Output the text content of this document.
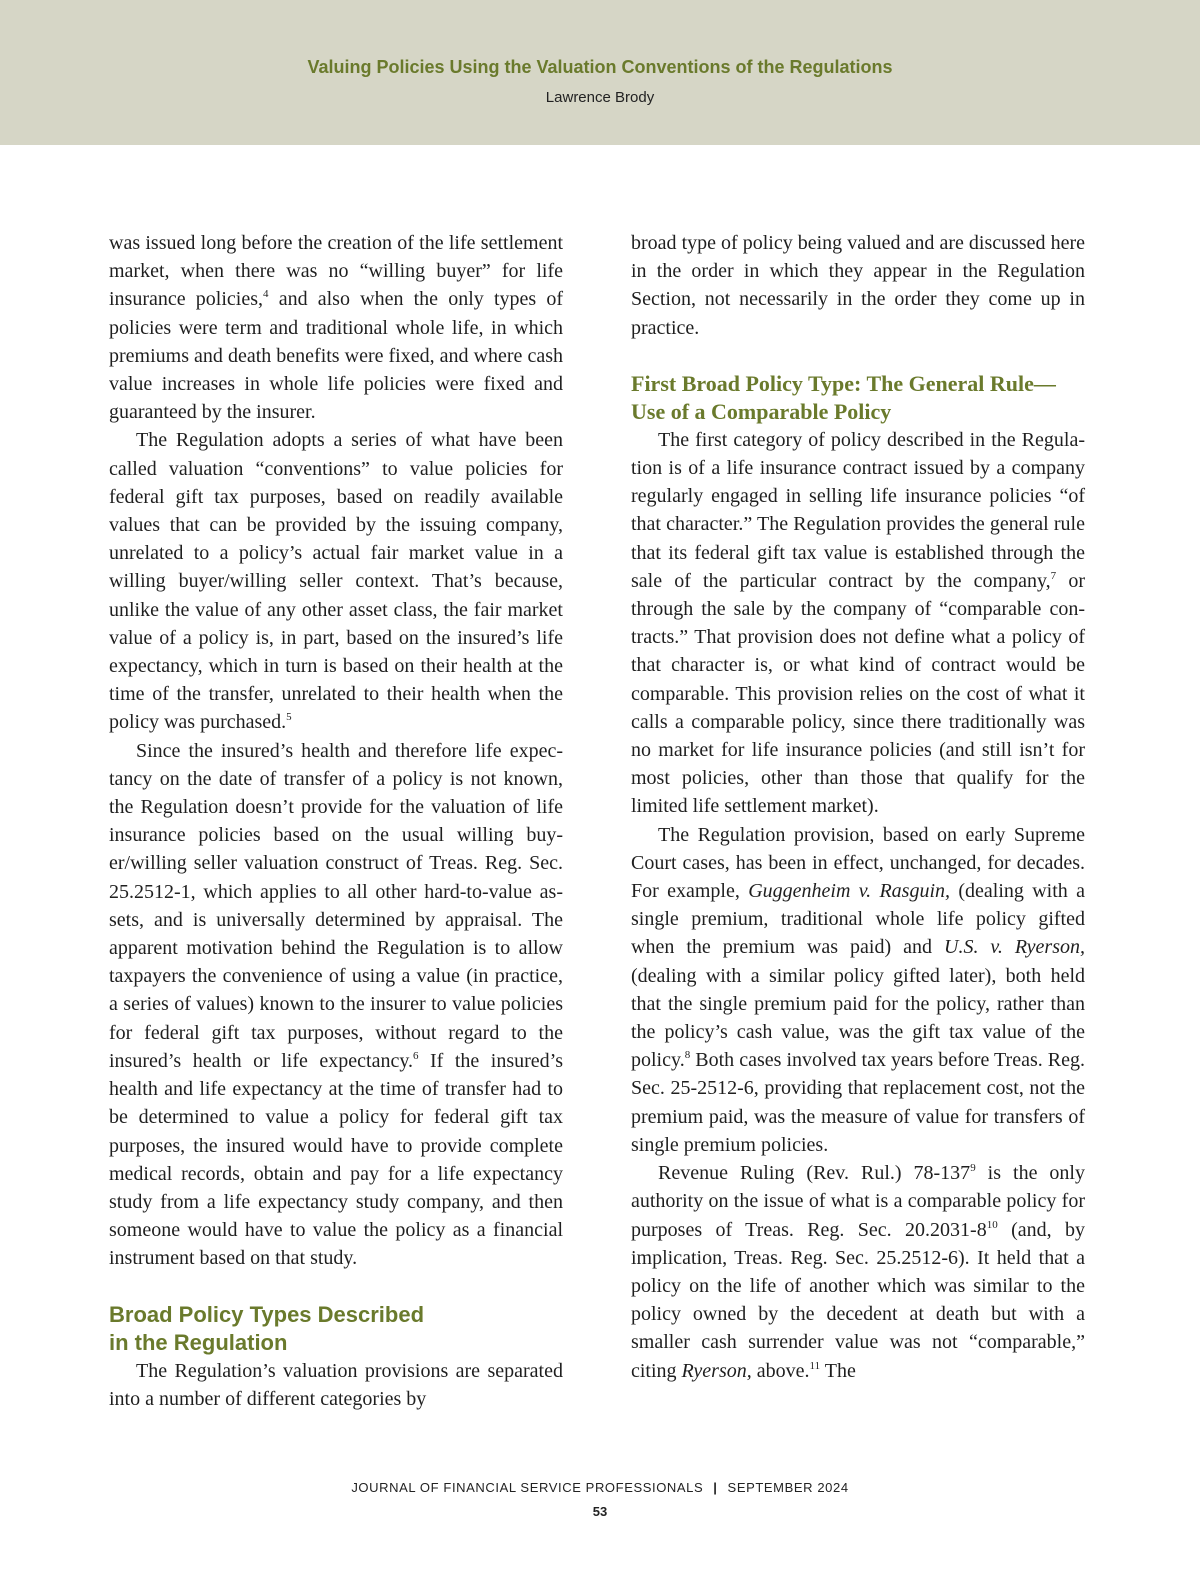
Valuing Policies Using the Valuation Conventions of the Regulations
Lawrence Brody

was issued long before the creation of the life settlement market, when there was no “willing buyer” for life insurance policies,$^4$ and also when the only types of policies were term and traditional whole life, in which premiums and death benefits were fixed, and where cash value increases in whole life policies were fixed and guaranteed by the insurer.

The Regulation adopts a series of what have been called valuation “conventions” to value policies for federal gift tax purposes, based on readily available values that can be provided by the issuing company, unrelated to a policy’s actual fair market value in a willing buyer/willing seller context. That’s because, unlike the value of any other asset class, the fair market value of a policy is, in part, based on the insured’s life expectancy, which in turn is based on their health at the time of the transfer, unrelated to their health when the policy was purchased.$^5$

Since the insured’s health and therefore life expectancy on the date of transfer of a policy is not known, the Regulation doesn’t provide for the valuation of life insurance policies based on the usual willing buyer/willing seller valuation construct of Treas. Reg. Sec. 25.2512-1, which applies to all other hard-to-value assets, and is universally determined by appraisal. The apparent motivation behind the Regulation is to allow taxpayers the convenience of using a value (in practice, a series of values) known to the insurer to value policies for federal gift tax purposes, without regard to the insured’s health or life expectancy.$^6$ If the insured’s health and life expectancy at the time of transfer had to be determined to value a policy for federal gift tax purposes, the insured would have to provide complete medical records, obtain and pay for a life expectancy study from a life expectancy study company, and then someone would have to value the policy as a financial instrument based on that study.

Broad Policy Types Described
in the Regulation

The Regulation’s valuation provisions are separated into a number of different categories by

broad type of policy being valued and are discussed here in the order in which they appear in the Regulation Section, not necessarily in the order they come up in practice.

First Broad Policy Type: The General Rule—
Use of a Comparable Policy

The first category of policy described in the Regulation is of a life insurance contract issued by a company regularly engaged in selling life insurance policies “of that character.” The Regulation provides the general rule that its federal gift tax value is established through the sale of the particular contract by the company,$^7$ or through the sale by the company of “comparable contracts.” That provision does not define what a policy of that character is, or what kind of contract would be comparable. This provision relies on the cost of what it calls a comparable policy, since there traditionally was no market for life insurance policies (and still isn’t for most policies, other than those that qualify for the limited life settlement market).

The Regulation provision, based on early Supreme Court cases, has been in effect, unchanged, for decades. For example, Guggenheim v. Rasguin, (dealing with a single premium, traditional whole life policy gifted when the premium was paid) and U.S. v. Ryerson, (dealing with a similar policy gifted later), both held that the single premium paid for the policy, rather than the policy’s cash value, was the gift tax value of the policy.$^8$ Both cases involved tax years before Treas. Reg. Sec. 25-2512-6, providing that replacement cost, not the premium paid, was the measure of value for transfers of single premium policies.

Revenue Ruling (Rev. Rul.) $78-137^9$ is the only authority on the issue of what is a comparable policy for purposes of Treas. Reg. Sec. $20.2031-8^{10}$ (and, by implication, Treas. Reg. Sec. 25.2512-6). It held that a policy on the life of another which was similar to the policy owned by the decedent at death but with a smaller cash surrender value was not “comparable,” citing Ryerson, above.$^{11}$ The

JOURNAL OF FINANCIAL SERVICE PROFESSIONALS | SEPTEMBER 2024
53
